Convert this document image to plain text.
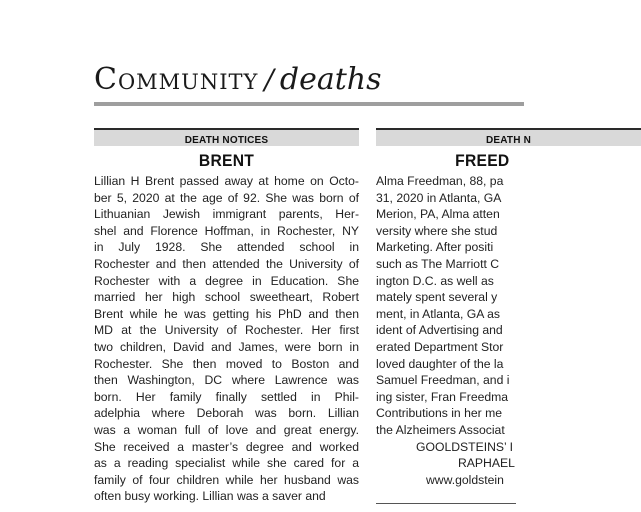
Community / deaths
DEATH NOTICES
BRENT
Lillian H Brent passed away at home on Octo-
ber 5, 2020 at the age of 92. She was born of
Lithuanian Jewish immigrant parents, Her-
shel and Florence Hoffman, in Rochester, NY
in July 1928. She attended school in
Rochester and then attended the University of
Rochester with a degree in Education. She
married her high school sweetheart, Robert
Brent while he was getting his PhD and then
MD at the University of Rochester. Her first
two children, David and James, were born in
Rochester. She then moved to Boston and
then Washington, DC where Lawrence was
born. Her family finally settled in Phil-
adelphia where Deborah was born. Lillian
was a woman full of love and great energy.
She received a master’s degree and worked
as a reading specialist while she cared for a
family of four children while her husband was
often busy working. Lillian was a saver and
DEATH N
FREED
Alma Freedman, 88, pa
31, 2020 in Atlanta, GA
Merion, PA, Alma atten
versity where she stud
Marketing. After positi
such as The Marriott C
ington D.C. as well as
mately spent several y
ment, in Atlanta, GA as
ident of Advertising and
erated Department Stor
loved daughter of the la
Samuel Freedman, and i
ing sister, Fran Freedma
Contributions in her me
the Alzheimers Associat
GOOLDSTEINS’ I
RAPHAEL
www.goldstein
